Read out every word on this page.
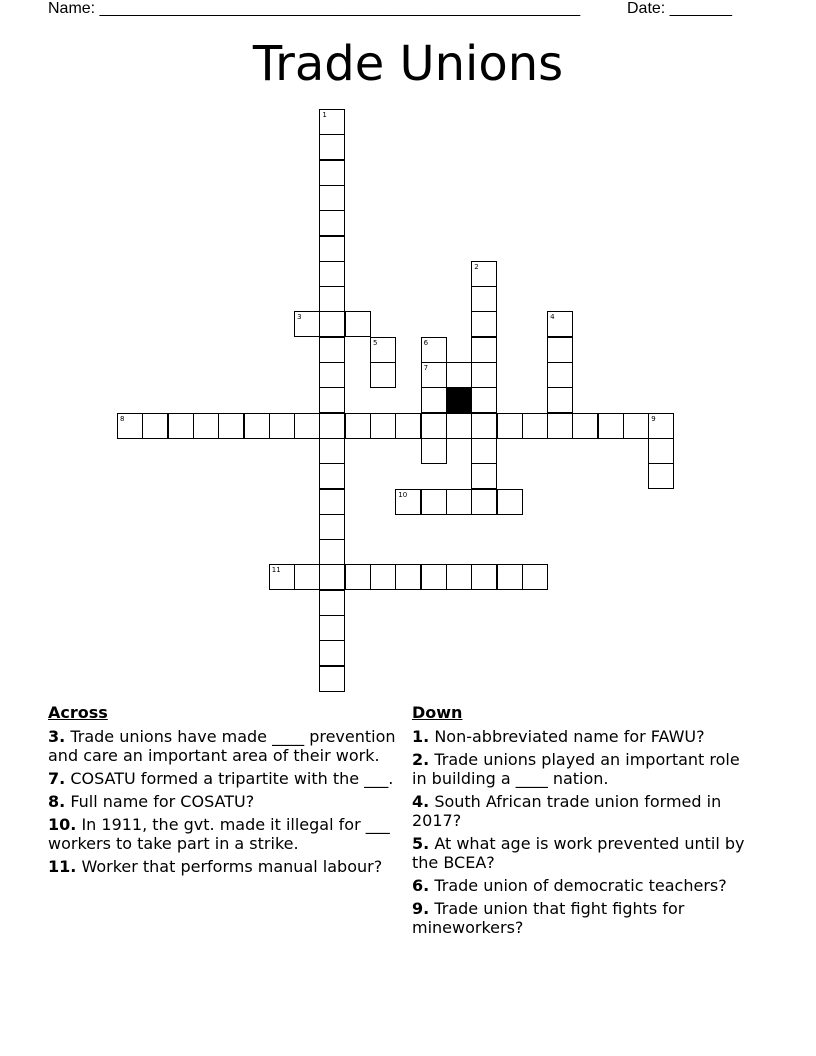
Name: ______________________________________________________	Date: _______
Trade Unions
1
2
3	4
5	6
7
8	9
10
11
Across
3. Trade unions have made ____ prevention and care an important area of their work.
7. COSATU formed a tripartite with the ___.
8. Full name for COSATU?
10. In 1911, the gvt. made it illegal for ___ workers to take part in a strike.
11. Worker that performs manual labour?
Down
1. Non-abbreviated name for FAWU?
2. Trade unions played an important role in building a ____ nation.
4. South African trade union formed in 2017?
5. At what age is work prevented until by the BCEA?
6. Trade union of democratic teachers?
9. Trade union that fight fights for mineworkers?
